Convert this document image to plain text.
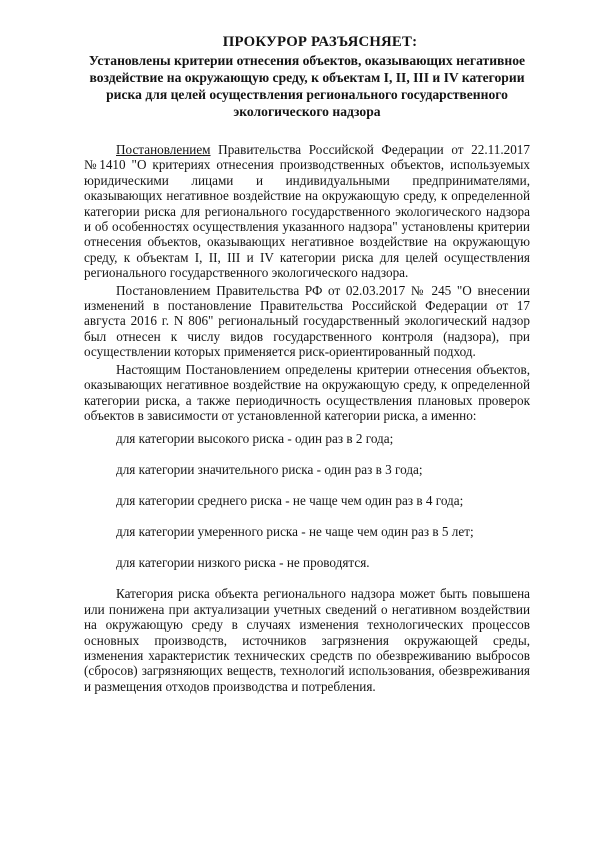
ПРОКУРОР РАЗЪЯСНЯЕТ:
Установлены критерии отнесения объектов, оказывающих негативное воздействие на окружающую среду, к объектам I, II, III и IV категории риска для целей осуществления регионального государственного экологического надзора

Постановлением Правительства Российской Федерации от 22.11.2017 №1410 "О критериях отнесения производственных объектов, используемых юридическими лицами и индивидуальными предпринимателями, оказывающих негативное воздействие на окружающую среду, к определенной категории риска для регионального государственного экологического надзора и об особенностях осуществления указанного надзора" установлены критерии отнесения объектов, оказывающих негативное воздействие на окружающую среду, к объектам I, II, III и IV категории риска для целей осуществления регионального государственного экологического надзора.

Постановлением Правительства РФ от 02.03.2017 № 245 "О внесении изменений в постановление Правительства Российской Федерации от 17 августа 2016 г. N 806" региональный государственный экологический надзор был отнесен к числу видов государственного контроля (надзора), при осуществлении которых применяется риск-ориентированный подход.

Настоящим Постановлением определены критерии отнесения объектов, оказывающих негативное воздействие на окружающую среду, к определенной категории риска, а также периодичность осуществления плановых проверок объектов в зависимости от установленной категории риска, а именно:

для категории высокого риска - один раз в 2 года;
для категории значительного риска - один раз в 3 года;
для категории среднего риска - не чаще чем один раз в 4 года;
для категории умеренного риска - не чаще чем один раз в 5 лет;
для категории низкого риска - не проводятся.

Категория риска объекта регионального надзора может быть повышена или понижена при актуализации учетных сведений о негативном воздействии на окружающую среду в случаях изменения технологических процессов основных производств, источников загрязнения окружающей среды, изменения характеристик технических средств по обезвреживанию выбросов (сбросов) загрязняющих веществ, технологий использования, обезвреживания и размещения отходов производства и потребления.
